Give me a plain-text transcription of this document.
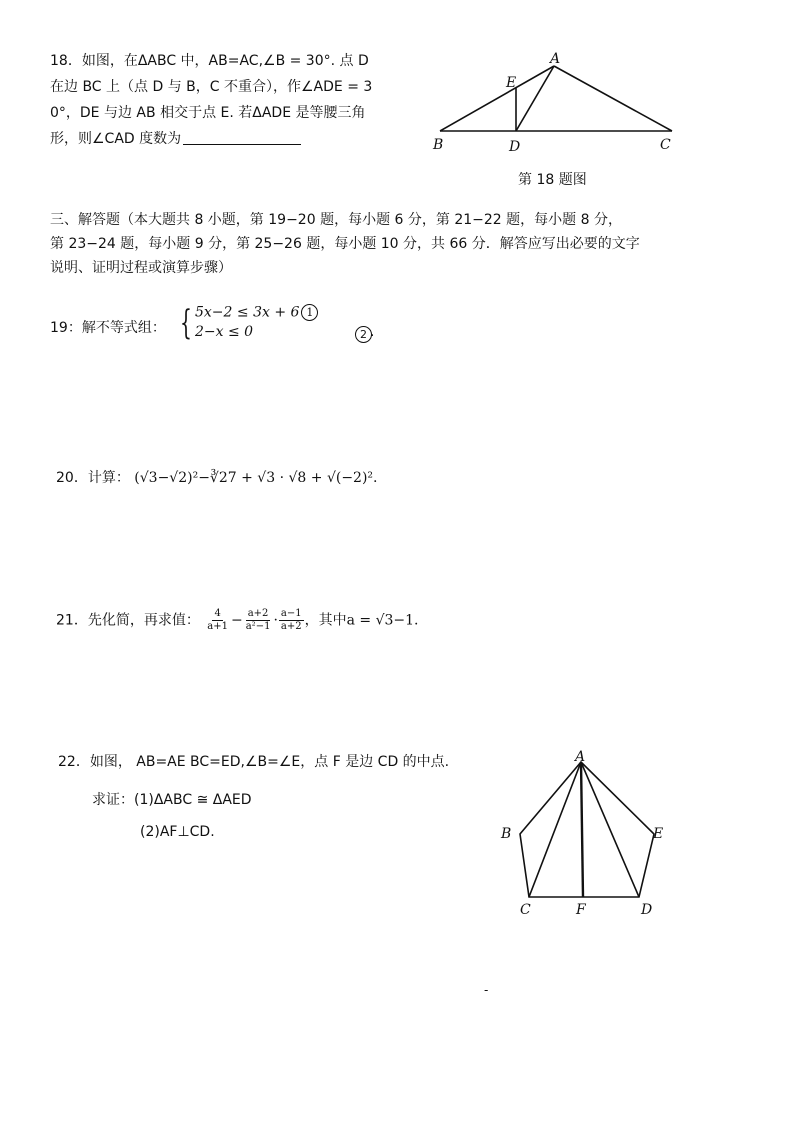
18．如图，在ΔABC 中，AB=AC,∠B = 30°. 点 D
在边 BC 上（点 D 与 B，C 不重合），作∠ADE = 3
0°，DE 与边 AB 相交于点 E. 若ΔADE 是等腰三角
形，则∠CAD 度数为
A
E
B	D	C
第 18 题图
三、解答题（本大题共 8 小题，第 19−20 题，每小题 6 分，第 21−22 题，每小题 8 分，
第 23−24 题，每小题 9 分，第 25−26 题，每小题 10 分，共 66 分．解答应写出必要的文字
说明、证明过程或演算步骤）
19：解不等式组： { 5x−2 ≤ 3x + 6 1
2−x ≤ 0	2 .
20．计算： (√3−√2)²−∛27 + √3 · √8 + √(−2)².
21．先化简，再求值： $\frac{4}{a+1} - \frac{a+2}{\text{a²−1}} \cdot \frac{a-1}{a+2}$ ，其中a = √3−1.
22．如图， AB=AE BC=ED,∠B=∠E，点 F 是边 CD 的中点.
求证：(1)ΔABC ≅ ΔAED
(2)AF⊥CD.
A
B	E
C	F	D
-
